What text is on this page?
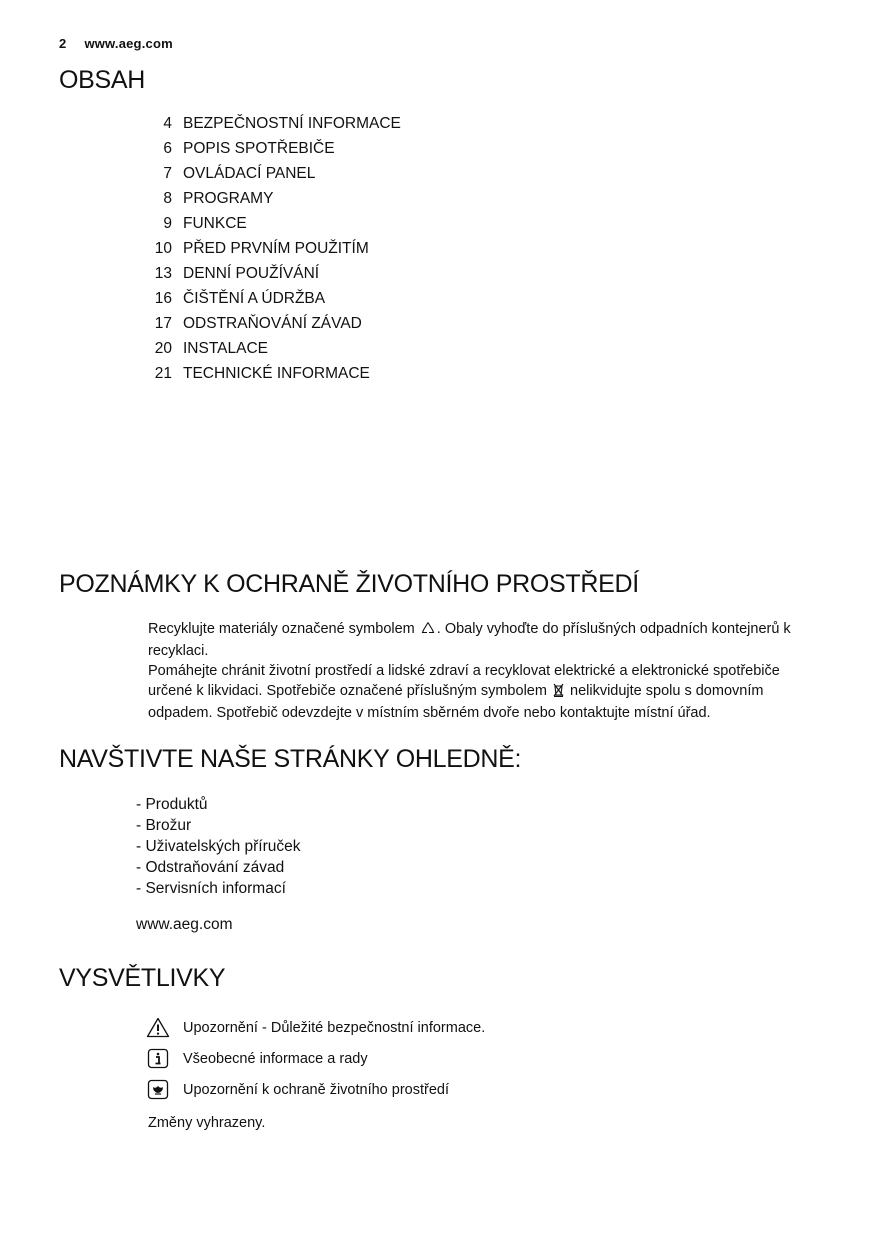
2 www.aeg.com
OBSAH
4 BEZPEČNOSTNÍ INFORMACE
6 POPIS SPOTŘEBIČE
7 OVLÁDACÍ PANEL
8 PROGRAMY
9 FUNKCE
10 PŘED PRVNÍM POUŽITÍM
13 DENNÍ POUŽÍVÁNÍ
16 ČIŠTĚNÍ A ÚDRŽBA
17 ODSTRAŇOVÁNÍ ZÁVAD
20 INSTALACE
21 TECHNICKÉ INFORMACE
POZNÁMKY K OCHRANĚ ŽIVOTNÍHO PROSTŘEDÍ

Recyklujte materiály označené symbolem . Obaly vyhoďte do příslušných odpadních kontejnerů k recyklaci.

Pomáhejte chránit životní prostředí a lidské zdraví a recyklovat elektrické a elektronické spotřebiče určené k likvidaci. Spotřebiče označené příslušným symbolem nelikvidujte spolu s domovním odpadem. Spotřebič odevzdejte v místním sběrném dvoře nebo kontaktujte místní úřad.

NAVŠTIVTE NAŠE STRÁNKY OHLEDNĚ:
- Produktů
- Brožur
- Uživatelských příruček
- Odstraňování závad
- Servisních informací
www.aeg.com
VYSVĚTLIVKY
Upozornění - Důležité bezpečnostní informace.
Všeobecné informace a rady
Upozornění k ochraně životního prostředí
Změny vyhrazeny.
